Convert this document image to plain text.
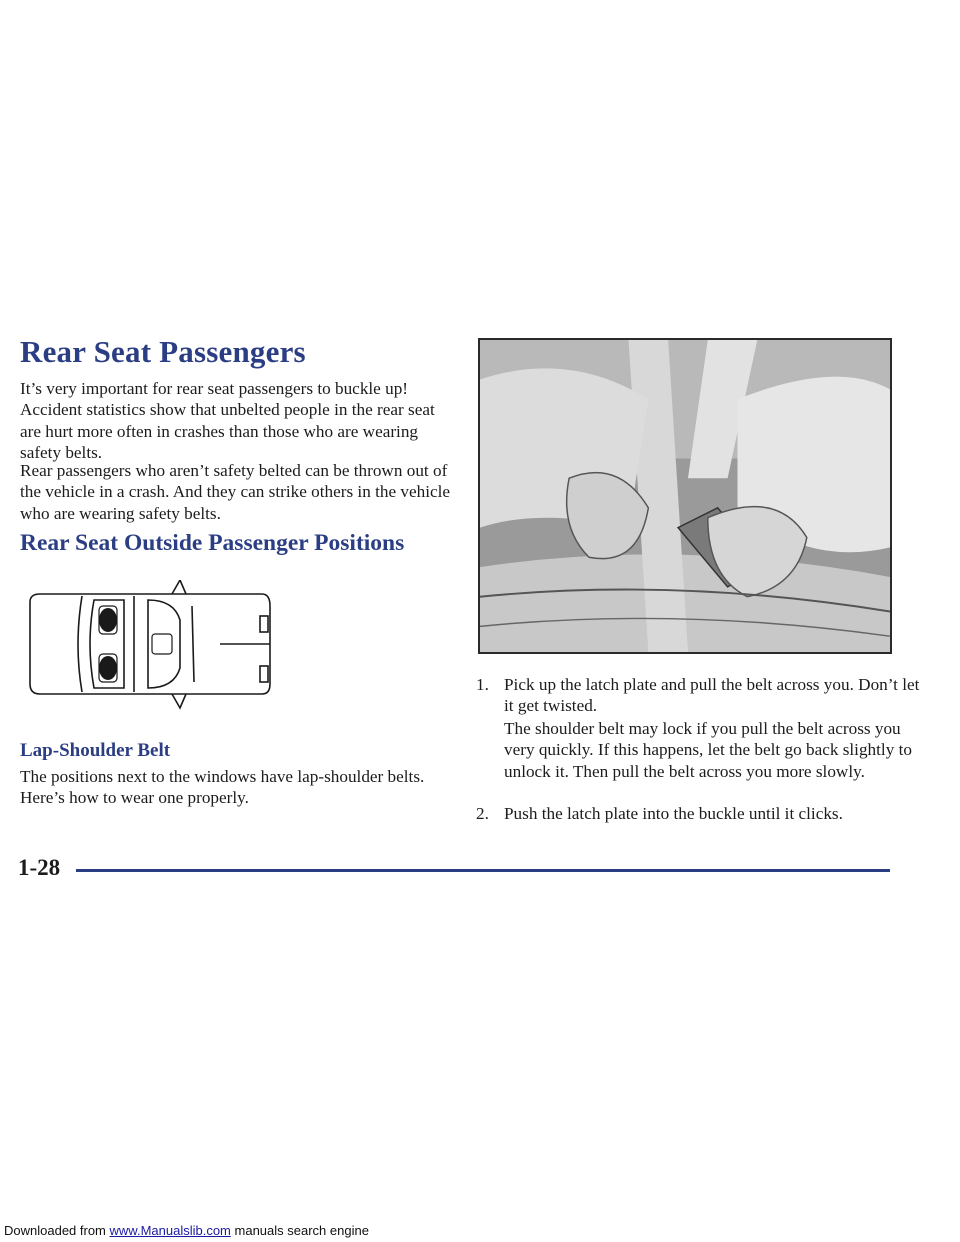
Rear Seat Passengers

It’s very important for rear seat passengers to buckle up! Accident statistics show that unbelted people in the rear seat are hurt more often in crashes than those who are wearing safety belts.

Rear passengers who aren’t safety belted can be thrown out of the vehicle in a crash. And they can strike others in the vehicle who are wearing safety belts.

Rear Seat Outside Passenger Positions
Lap-Shoulder Belt

The positions next to the windows have lap-shoulder belts. Here’s how to wear one properly.

1. Pick up the latch plate and pull the belt across you. Don’t let it get twisted.

The shoulder belt may lock if you pull the belt across you very quickly. If this happens, let the belt go back slightly to unlock it. Then pull the belt across you more slowly.

2. Push the latch plate into the buckle until it clicks.

1-28

Downloaded from www.Manualslib.com manuals search engine
